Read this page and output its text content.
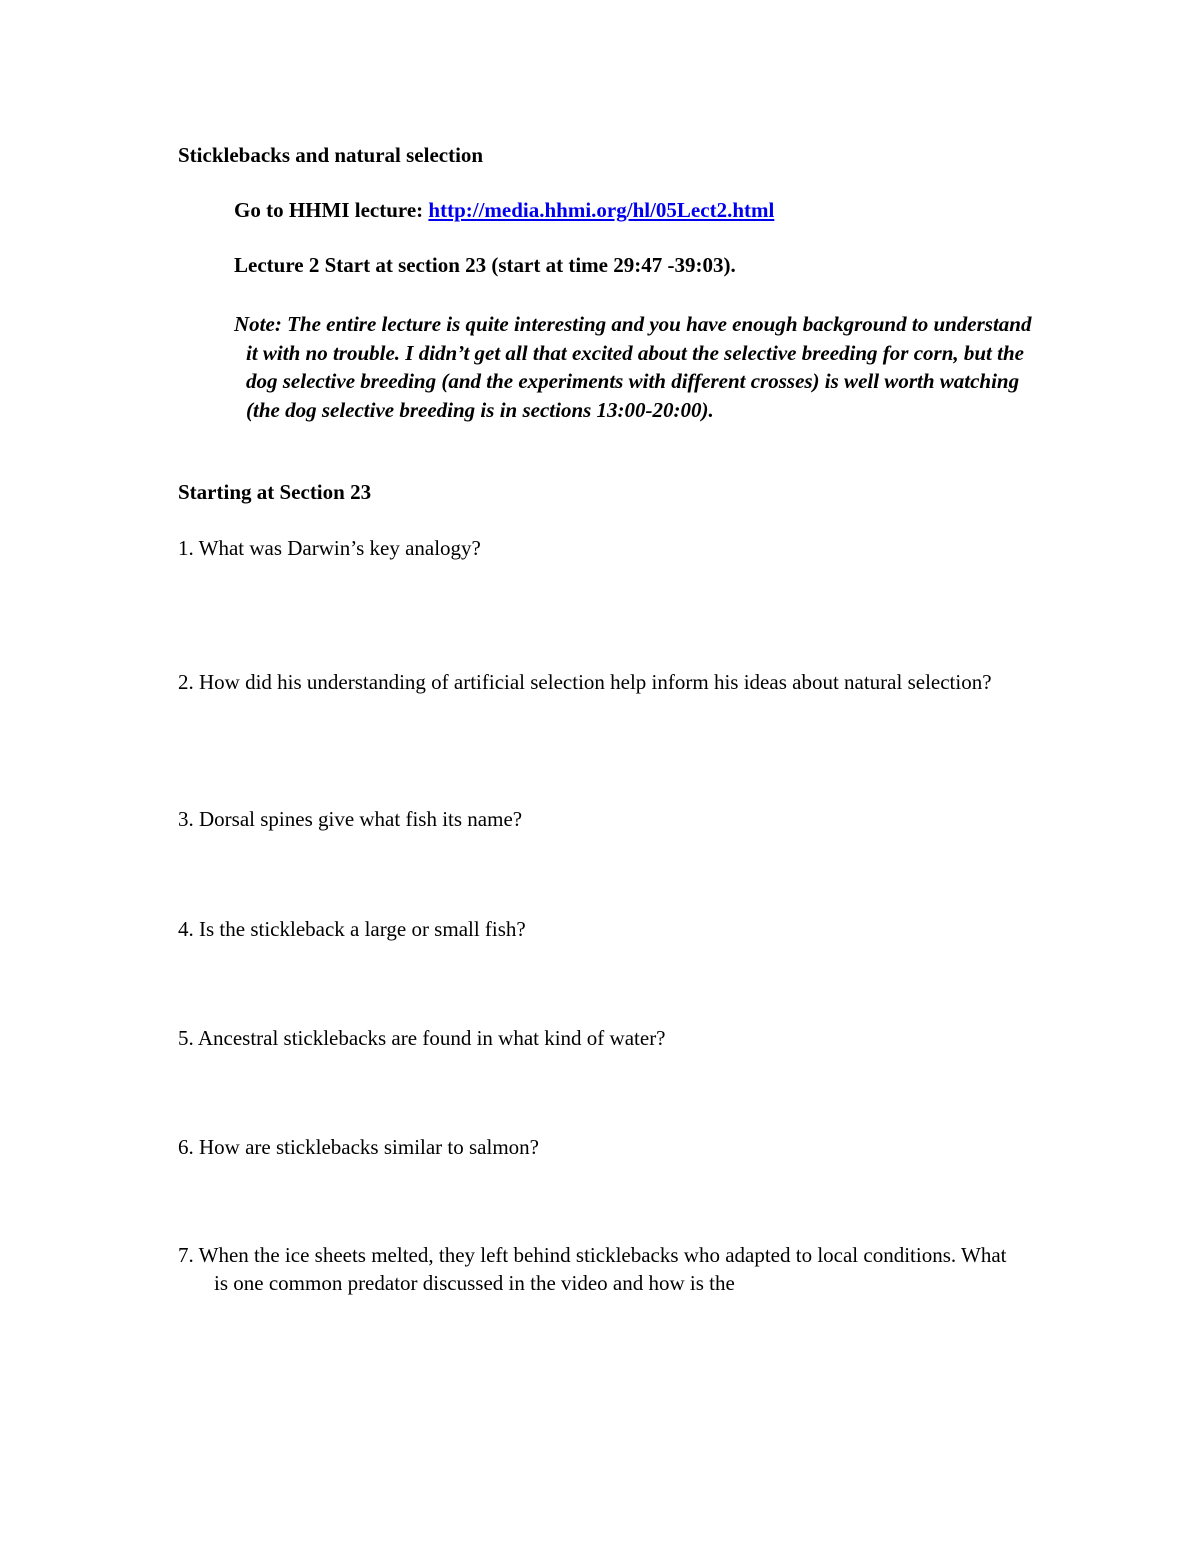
Sticklebacks and natural selection
Go to HHMI lecture: http://media.hhmi.org/hl/05Lect2.html
Lecture 2 Start at section 23 (start at time 29:47 -39:03).
Note: The entire lecture is quite interesting and you have enough background to understand it with no trouble. I didn’t get all that excited about the selective breeding for corn, but the dog selective breeding (and the experiments with different crosses) is well worth watching (the dog selective breeding is in sections 13:00-20:00).
Starting at Section 23
1. What was Darwin’s key analogy?
2. How did his understanding of artificial selection help inform his ideas about natural selection?
3. Dorsal spines give what fish its name?
4. Is the stickleback a large or small fish?
5. Ancestral sticklebacks are found in what kind of water?
6. How are sticklebacks similar to salmon?
7. When the ice sheets melted, they left behind sticklebacks who adapted to local conditions. What is one common predator discussed in the video and how is the
